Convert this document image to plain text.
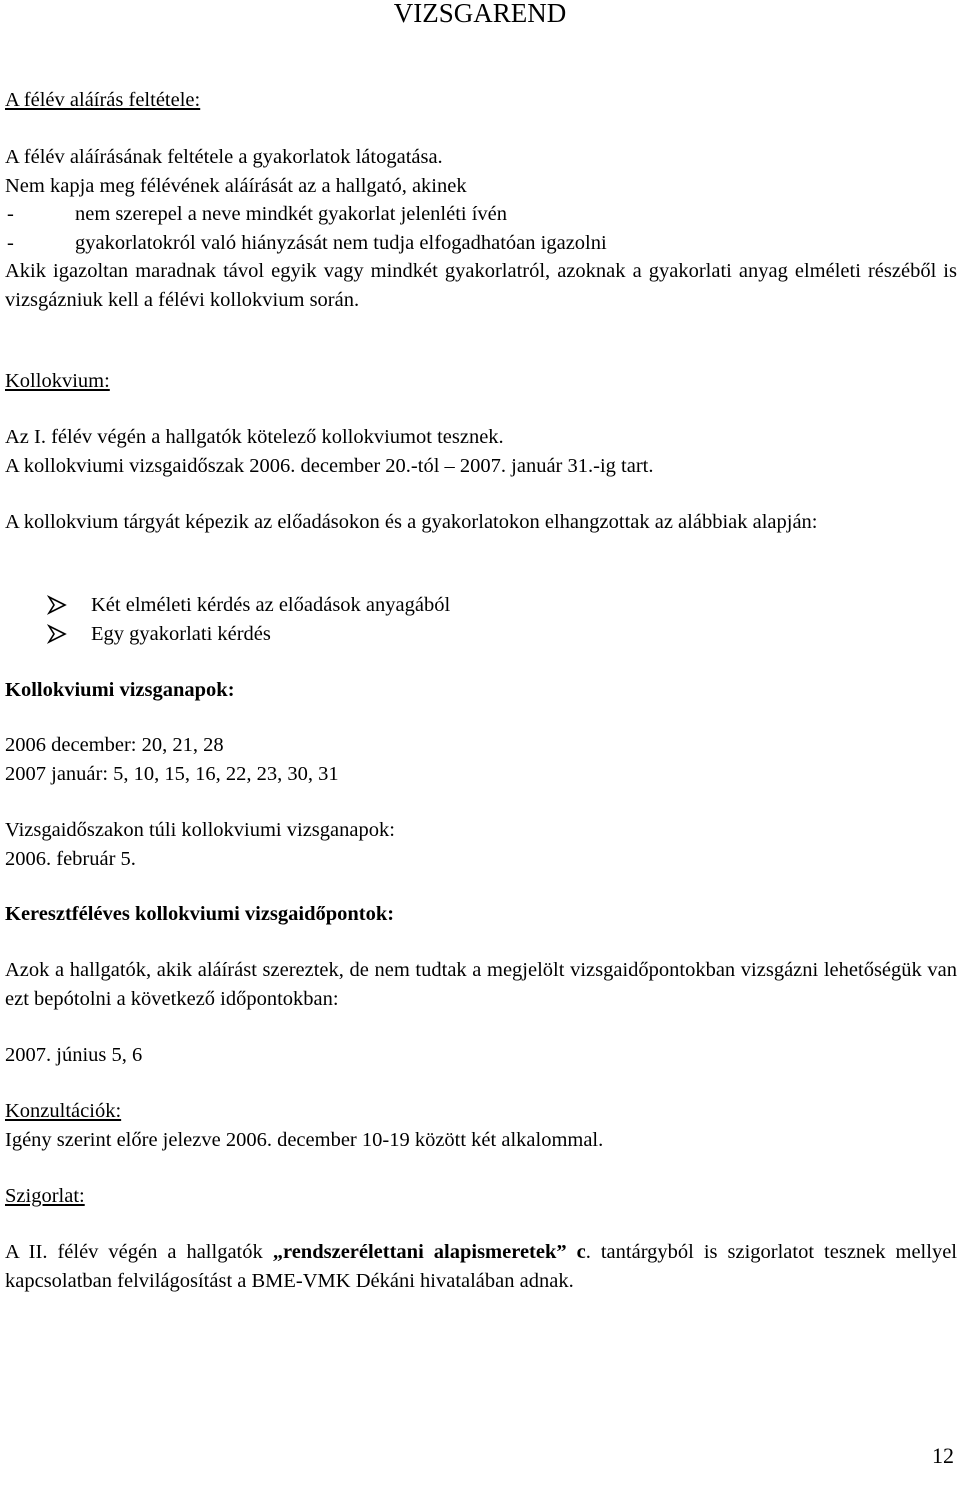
VIZSGAREND
A félév aláírás feltétele:
A félév aláírásának feltétele a gyakorlatok látogatása.
Nem kapja meg félévének aláírását az a hallgató, akinek
-	nem szerepel a neve mindkét gyakorlat jelenléti ívén
-	gyakorlatokról való hiányzását nem tudja elfogadhatóan igazolni

Akik igazoltan maradnak távol egyik vagy mindkét gyakorlatról, azoknak a gyakorlati anyag elméleti részéből is vizsgázniuk kell a félévi kollokvium során.

Kollokvium:
Az I. félév végén a hallgatók kötelező kollokviumot tesznek.
A kollokviumi vizsgaidőszak 2006. december 20.-tól – 2007. január 31.-ig tart.

A kollokvium tárgyát képezik az előadásokon és a gyakorlatokon elhangzottak az alábbiak alapján:

Két elméleti kérdés az előadások anyagából
Egy gyakorlati kérdés
Kollokviumi vizsganapok:
2006 december: 20, 21, 28
2007 január: 5, 10, 15, 16, 22, 23, 30, 31
Vizsgaidőszakon túli kollokviumi vizsganapok:
2006. február 5.
Keresztféléves kollokviumi vizsgaidőpontok:

Azok a hallgatók, akik aláírást szereztek, de nem tudtak a megjelölt vizsgaidőpontokban vizsgázni lehetőségük van ezt bepótolni a következő időpontokban:

2007. június 5, 6
Konzultációk:
Igény szerint előre jelezve 2006. december 10-19 között két alkalommal.
Szigorlat:

A II. félév végén a hallgatók „rendszerélettani alapismeretek” c. tantárgyból is szigorlatot tesznek mellyel kapcsolatban felvilágosítást a BME-VMK Dékáni hivatalában adnak.

12
